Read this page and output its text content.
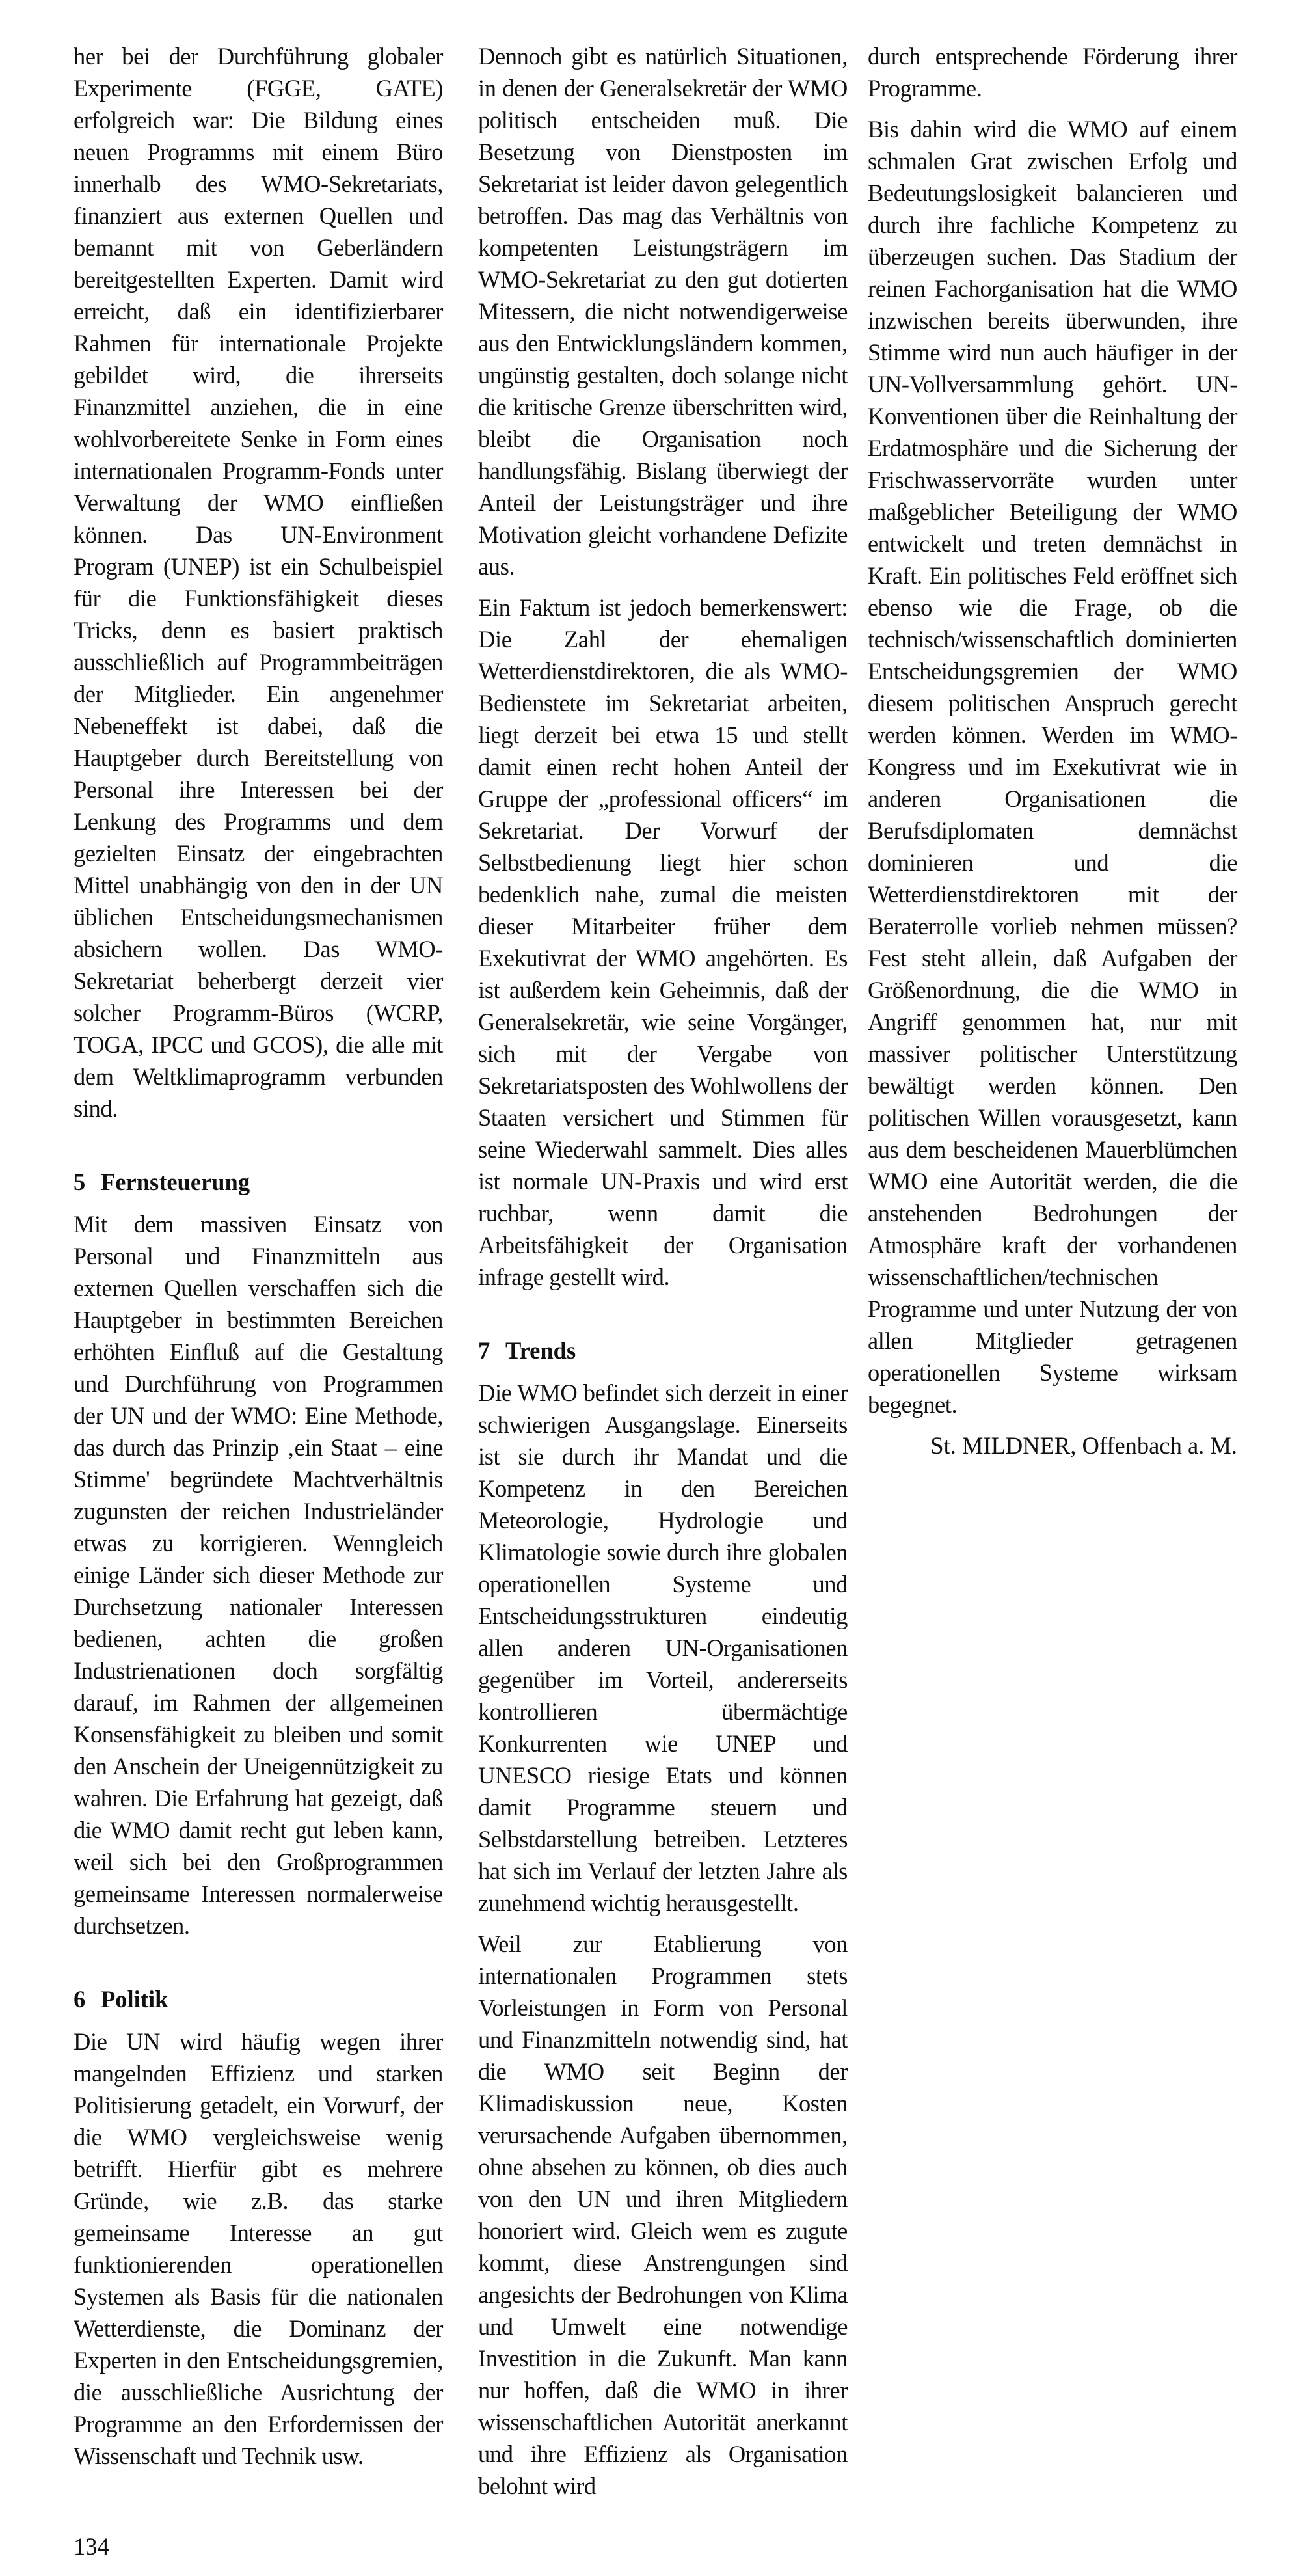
her bei der Durchführung globaler Experimente (FGGE, GATE) erfolgreich war: Die Bildung eines neuen Programms mit einem Büro innerhalb des WMO-Sekretariats, finanziert aus externen Quellen und bemannt mit von Geberländern bereitgestellten Experten. Damit wird erreicht, daß ein identifizierbarer Rahmen für internationale Projekte gebildet wird, die ihrerseits Finanzmittel anziehen, die in eine wohlvorbereitete Senke in Form eines internationalen Programm-Fonds unter Verwaltung der WMO einfließen können. Das UN-Environment Program (UNEP) ist ein Schulbeispiel für die Funktionsfähigkeit dieses Tricks, denn es basiert praktisch ausschließlich auf Programmbeiträgen der Mitglieder. Ein angenehmer Nebeneffekt ist dabei, daß die Hauptgeber durch Bereitstellung von Personal ihre Interessen bei der Lenkung des Programms und dem gezielten Einsatz der eingebrachten Mittel unabhängig von den in der UN üblichen Entscheidungsmechanismen absichern wollen. Das WMO-Sekretariat beherbergt derzeit vier solcher Programm-Büros (WCRP, TOGA, IPCC und GCOS), die alle mit dem Weltklimaprogramm verbunden sind.

5 Fernsteuerung

Mit dem massiven Einsatz von Personal und Finanzmitteln aus externen Quellen verschaffen sich die Hauptgeber in bestimmten Bereichen erhöhten Einfluß auf die Gestaltung und Durchführung von Programmen der UN und der WMO: Eine Methode, das durch das Prinzip ‚ein Staat – eine Stimme' begründete Machtverhältnis zugunsten der reichen Industrieländer etwas zu korrigieren. Wenngleich einige Länder sich dieser Methode zur Durchsetzung nationaler Interessen bedienen, achten die großen Industrienationen doch sorgfältig darauf, im Rahmen der allgemeinen Konsensfähigkeit zu bleiben und somit den Anschein der Uneigennützigkeit zu wahren. Die Erfahrung hat gezeigt, daß die WMO damit recht gut leben kann, weil sich bei den Großprogrammen gemeinsame Interessen normalerweise durchsetzen.

6 Politik

Die UN wird häufig wegen ihrer mangelnden Effizienz und starken Politisierung getadelt, ein Vorwurf, der die WMO vergleichsweise wenig betrifft. Hierfür gibt es mehrere Gründe, wie z.B. das starke gemeinsame Interesse an gut funktionierenden operationellen Systemen als Basis für die nationalen Wetterdienste, die Dominanz der Experten in den Entscheidungsgremien, die ausschließliche Ausrichtung der Programme an den Erfordernissen der Wissenschaft und Technik usw.

Dennoch gibt es natürlich Situationen, in denen der Generalsekretär der WMO politisch entscheiden muß. Die Besetzung von Dienstposten im Sekretariat ist leider davon gelegentlich betroffen. Das mag das Verhältnis von kompetenten Leistungsträgern im WMO-Sekretariat zu den gut dotierten Mitessern, die nicht notwendigerweise aus den Entwicklungsländern kommen, ungünstig gestalten, doch solange nicht die kritische Grenze überschritten wird, bleibt die Organisation noch handlungsfähig. Bislang überwiegt der Anteil der Leistungsträger und ihre Motivation gleicht vorhandene Defizite aus.

Ein Faktum ist jedoch bemerkenswert: Die Zahl der ehemaligen Wetterdienstdirektoren, die als WMO-Bedienstete im Sekretariat arbeiten, liegt derzeit bei etwa 15 und stellt damit einen recht hohen Anteil der Gruppe der „professional officers“ im Sekretariat. Der Vorwurf der Selbstbedienung liegt hier schon bedenklich nahe, zumal die meisten dieser Mitarbeiter früher dem Exekutivrat der WMO angehörten. Es ist außerdem kein Geheimnis, daß der Generalsekretär, wie seine Vorgänger, sich mit der Vergabe von Sekretariatsposten des Wohlwollens der Staaten versichert und Stimmen für seine Wiederwahl sammelt. Dies alles ist normale UN-Praxis und wird erst ruchbar, wenn damit die Arbeitsfähigkeit der Organisation infrage gestellt wird.

7 Trends

Die WMO befindet sich derzeit in einer schwierigen Ausgangslage. Einerseits ist sie durch ihr Mandat und die Kompetenz in den Bereichen Meteorologie, Hydrologie und Klimatologie sowie durch ihre globalen operationellen Systeme und Entscheidungsstrukturen eindeutig allen anderen UN-Organisationen gegenüber im Vorteil, andererseits kontrollieren übermächtige Konkurrenten wie UNEP und UNESCO riesige Etats und können damit Programme steuern und Selbstdarstellung betreiben. Letzteres hat sich im Verlauf der letzten Jahre als zunehmend wichtig herausgestellt.

Weil zur Etablierung von internationalen Programmen stets Vorleistungen in Form von Personal und Finanzmitteln notwendig sind, hat die WMO seit Beginn der Klimadiskussion neue, Kosten verursachende Aufgaben übernommen, ohne absehen zu können, ob dies auch von den UN und ihren Mitgliedern honoriert wird. Gleich wem es zugute kommt, diese Anstrengungen sind angesichts der Bedrohungen von Klima und Umwelt eine notwendige Investition in die Zukunft. Man kann nur hoffen, daß die WMO in ihrer wissenschaftlichen Autorität anerkannt und ihre Effizienz als Organisation belohnt wird

durch entsprechende Förderung ihrer Programme.

Bis dahin wird die WMO auf einem schmalen Grat zwischen Erfolg und Bedeutungslosigkeit balancieren und durch ihre fachliche Kompetenz zu überzeugen suchen. Das Stadium der reinen Fachorganisation hat die WMO inzwischen bereits überwunden, ihre Stimme wird nun auch häufiger in der UN-Vollversammlung gehört. UN-Konventionen über die Reinhaltung der Erdatmosphäre und die Sicherung der Frischwasservorräte wurden unter maßgeblicher Beteiligung der WMO entwickelt und treten demnächst in Kraft. Ein politisches Feld eröffnet sich ebenso wie die Frage, ob die technisch/wissenschaftlich dominierten Entscheidungsgremien der WMO diesem politischen Anspruch gerecht werden können. Werden im WMO-Kongress und im Exekutivrat wie in anderen Organisationen die Berufsdiplomaten demnächst dominieren und die Wetterdienstdirektoren mit der Beraterrolle vorlieb nehmen müssen? Fest steht allein, daß Aufgaben der Größenordnung, die die WMO in Angriff genommen hat, nur mit massiver politischer Unterstützung bewältigt werden können. Den politischen Willen vorausgesetzt, kann aus dem bescheidenen Mauerblümchen WMO eine Autorität werden, die die anstehenden Bedrohungen der Atmosphäre kraft der vorhandenen wissenschaftlichen/technischen Programme und unter Nutzung der von allen Mitglieder getragenen operationellen Systeme wirksam begegnet.

St. MILDNER, Offenbach a. M.
134
